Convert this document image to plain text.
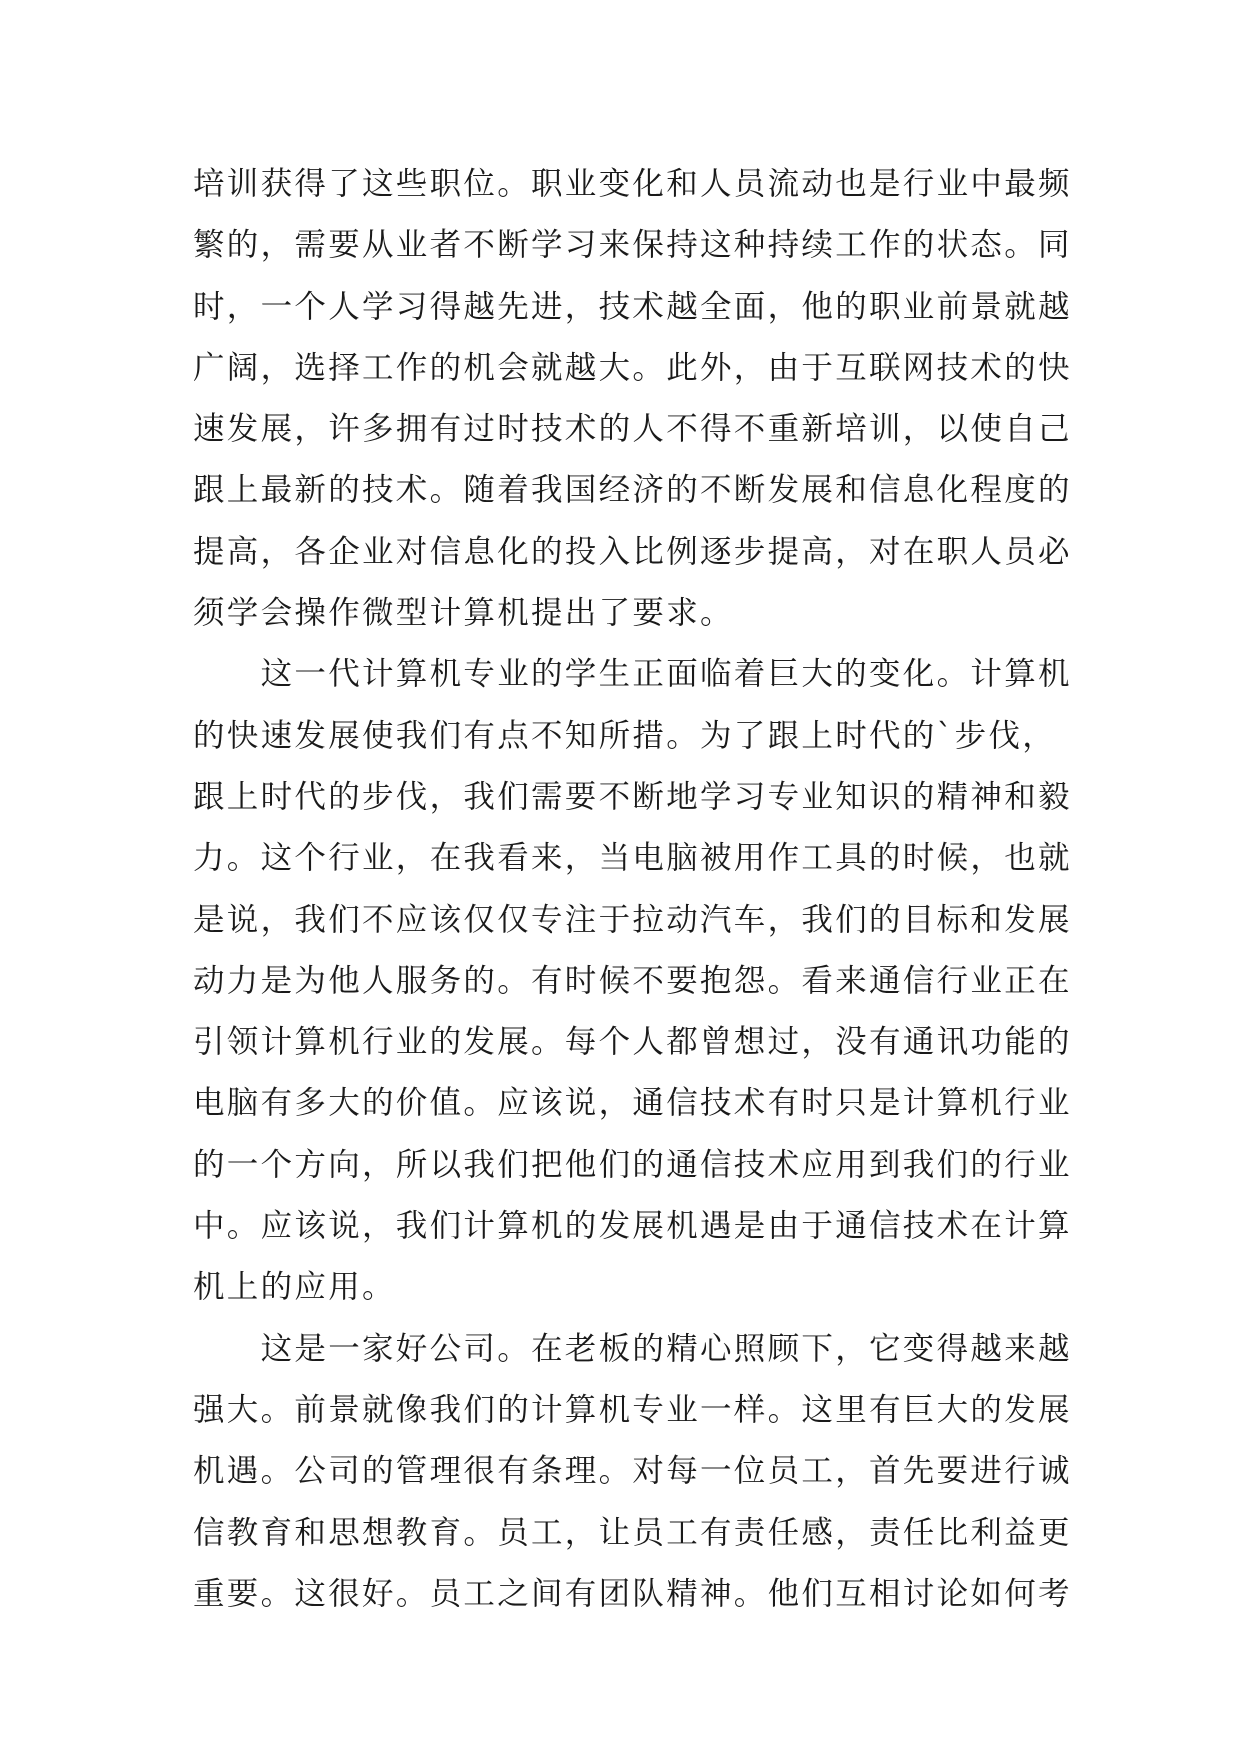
培训获得了这些职位。职业变化和人员流动也是行业中最频
繁的，需要从业者不断学习来保持这种持续工作的状态。同
时，一个人学习得越先进，技术越全面，他的职业前景就越
广阔，选择工作的机会就越大。此外，由于互联网技术的快
速发展，许多拥有过时技术的人不得不重新培训，以使自己
跟上最新的技术。随着我国经济的不断发展和信息化程度的
提高，各企业对信息化的投入比例逐步提高，对在职人员必
须学会操作微型计算机提出了要求。
　　这一代计算机专业的学生正面临着巨大的变化。计算机
的快速发展使我们有点不知所措。为了跟上时代的`步伐，
跟上时代的步伐，我们需要不断地学习专业知识的精神和毅
力。这个行业，在我看来，当电脑被用作工具的时候，也就
是说，我们不应该仅仅专注于拉动汽车，我们的目标和发展
动力是为他人服务的。有时候不要抱怨。看来通信行业正在
引领计算机行业的发展。每个人都曾想过，没有通讯功能的
电脑有多大的价值。应该说，通信技术有时只是计算机行业
的一个方向，所以我们把他们的通信技术应用到我们的行业
中。应该说，我们计算机的发展机遇是由于通信技术在计算
机上的应用。
　　这是一家好公司。在老板的精心照顾下，它变得越来越
强大。前景就像我们的计算机专业一样。这里有巨大的发展
机遇。公司的管理很有条理。对每一位员工，首先要进行诚
信教育和思想教育。员工，让员工有责任感，责任比利益更
重要。这很好。员工之间有团队精神。他们互相讨论如何考
